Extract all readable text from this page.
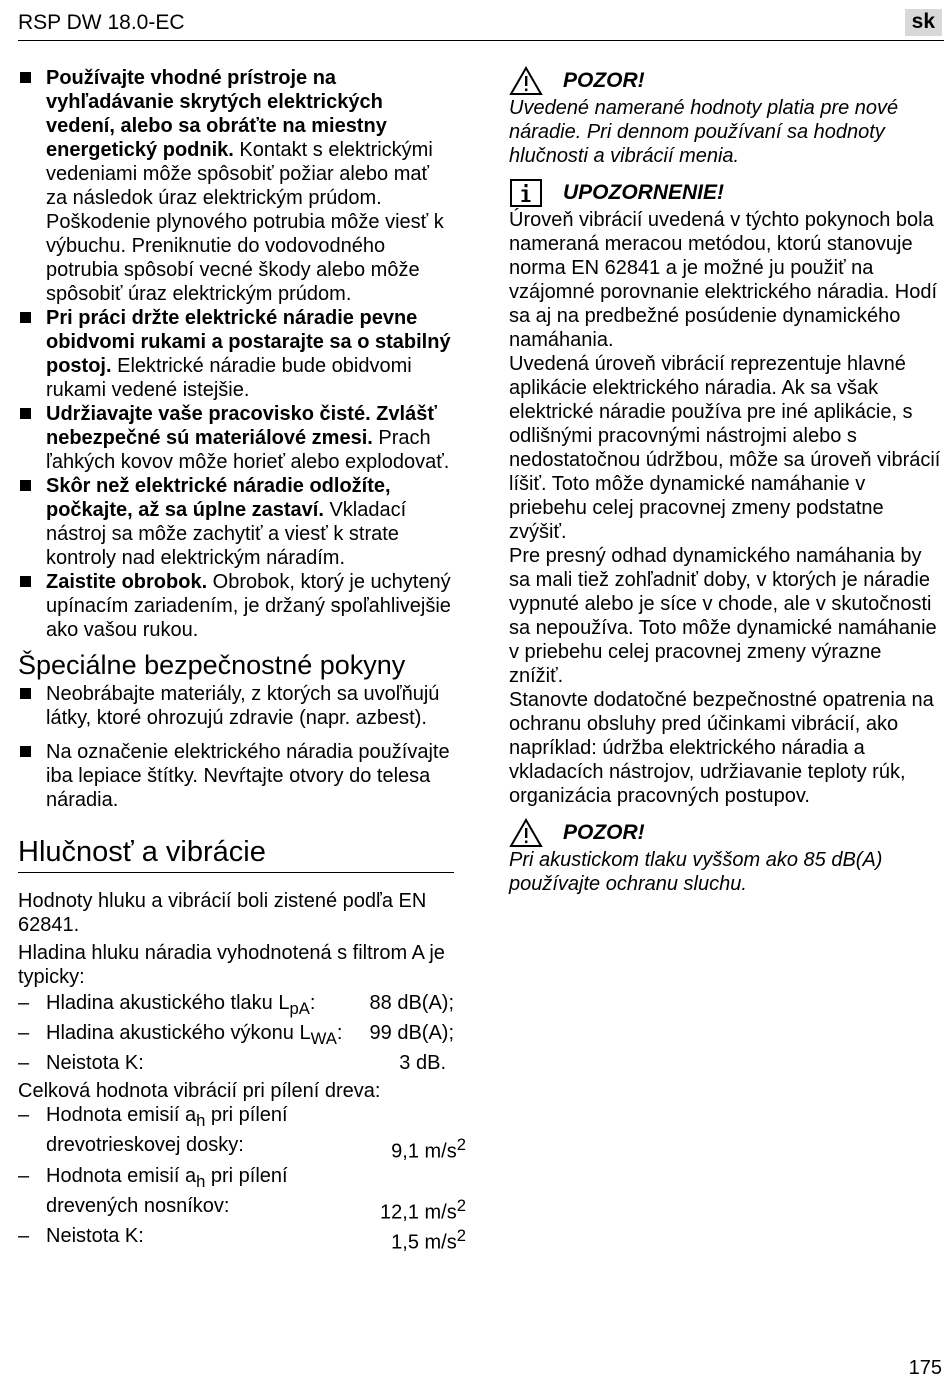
RSP DW 18.0-EC	sk

Používajte vhodné prístroje na vyhľadávanie skrytých elektrických vedení, alebo sa obráťte na miestny energetický podnik. Kontakt s elektrickými vedeniami môže spôsobiť požiar alebo mať za následok úraz elektrickým prúdom. Poškodenie plynového potrubia môže viesť k výbuchu. Preniknutie do vodovodného potrubia spôsobí vecné škody alebo môže spôsobiť úraz elektrickým prúdom.

Pri práci držte elektrické náradie pevne obidvomi rukami a postarajte sa o stabilný postoj. Elektrické náradie bude obidvomi rukami vedené istejšie.

Udržiavajte vaše pracovisko čisté. Zvlášť nebezpečné sú materiálové zmesi. Prach ľahkých kovov môže horieť alebo explodovať.

Skôr než elektrické náradie odložíte, počkajte, až sa úplne zastaví. Vkladací nástroj sa môže zachytiť a viesť k strate kontroly nad elektrickým náradím.

Zaistite obrobok. Obrobok, ktorý je uchytený upínacím zariadením, je držaný spoľahlivejšie ako vašou rukou.

Špeciálne bezpečnostné pokyny

Neobrábajte materiály, z ktorých sa uvoľňujú látky, ktoré ohrozujú zdravie (napr. azbest).

Na označenie elektrického náradia používajte iba lepiace štítky. Nevŕtajte otvory do telesa náradia.

Hlučnosť a vibrácie

Hodnoty hluku a vibrácií boli zistené podľa EN 62841.

Hladina hluku náradia vyhodnotená s filtrom A je typicky:

– Hladina akustického tlaku $L_{pA}$:	88 dB(A);
– Hladina akustického výkonu $L_{WA}$:	99 dB(A);
– Neistota K:	3 dB.

Celková hodnota vibrácií pri pílení dreva:

– Hodnota emisií $a_h$ pri pílení
drevotrieskovej dosky:	9,1 $m/s^2$
– Hodnota emisií $a_h$ pri pílení
drevených nosníkov:	12,1 $m/s^2$
– Neistota K:	1,5 $m/s^2$
POZOR!

Uvedené namerané hodnoty platia pre nové náradie. Pri dennom používaní sa hodnoty hlučnosti a vibrácií menia.

UPOZORNENIE!

Úroveň vibrácií uvedená v týchto pokynoch bola nameraná meracou metódou, ktorú stanovuje norma EN 62841 a je možné ju použiť na vzájomné porovnanie elektrického náradia. Hodí sa aj na predbežné posúdenie dynamického namáhania.

Uvedená úroveň vibrácií reprezentuje hlavné aplikácie elektrického náradia. Ak sa však elektrické náradie používa pre iné aplikácie, s odlišnými pracovnými nástrojmi alebo s nedostatočnou údržbou, môže sa úroveň vibrácií líšiť. Toto môže dynamické namáhanie v priebehu celej pracovnej zmeny podstatne zvýšiť.

Pre presný odhad dynamického namáhania by sa mali tiež zohľadniť doby, v ktorých je náradie vypnuté alebo je síce v chode, ale v skutočnosti sa nepoužíva. Toto môže dynamické namáhanie v priebehu celej pracovnej zmeny výrazne znížiť.

Stanovte dodatočné bezpečnostné opatrenia na ochranu obsluhy pred účinkami vibrácií, ako napríklad: údržba elektrického náradia a vkladacích nástrojov, udržiavanie teploty rúk, organizácia pracovných postupov.

POZOR!

Pri akustickom tlaku vyššom ako 85 dB(A) používajte ochranu sluchu.

175
